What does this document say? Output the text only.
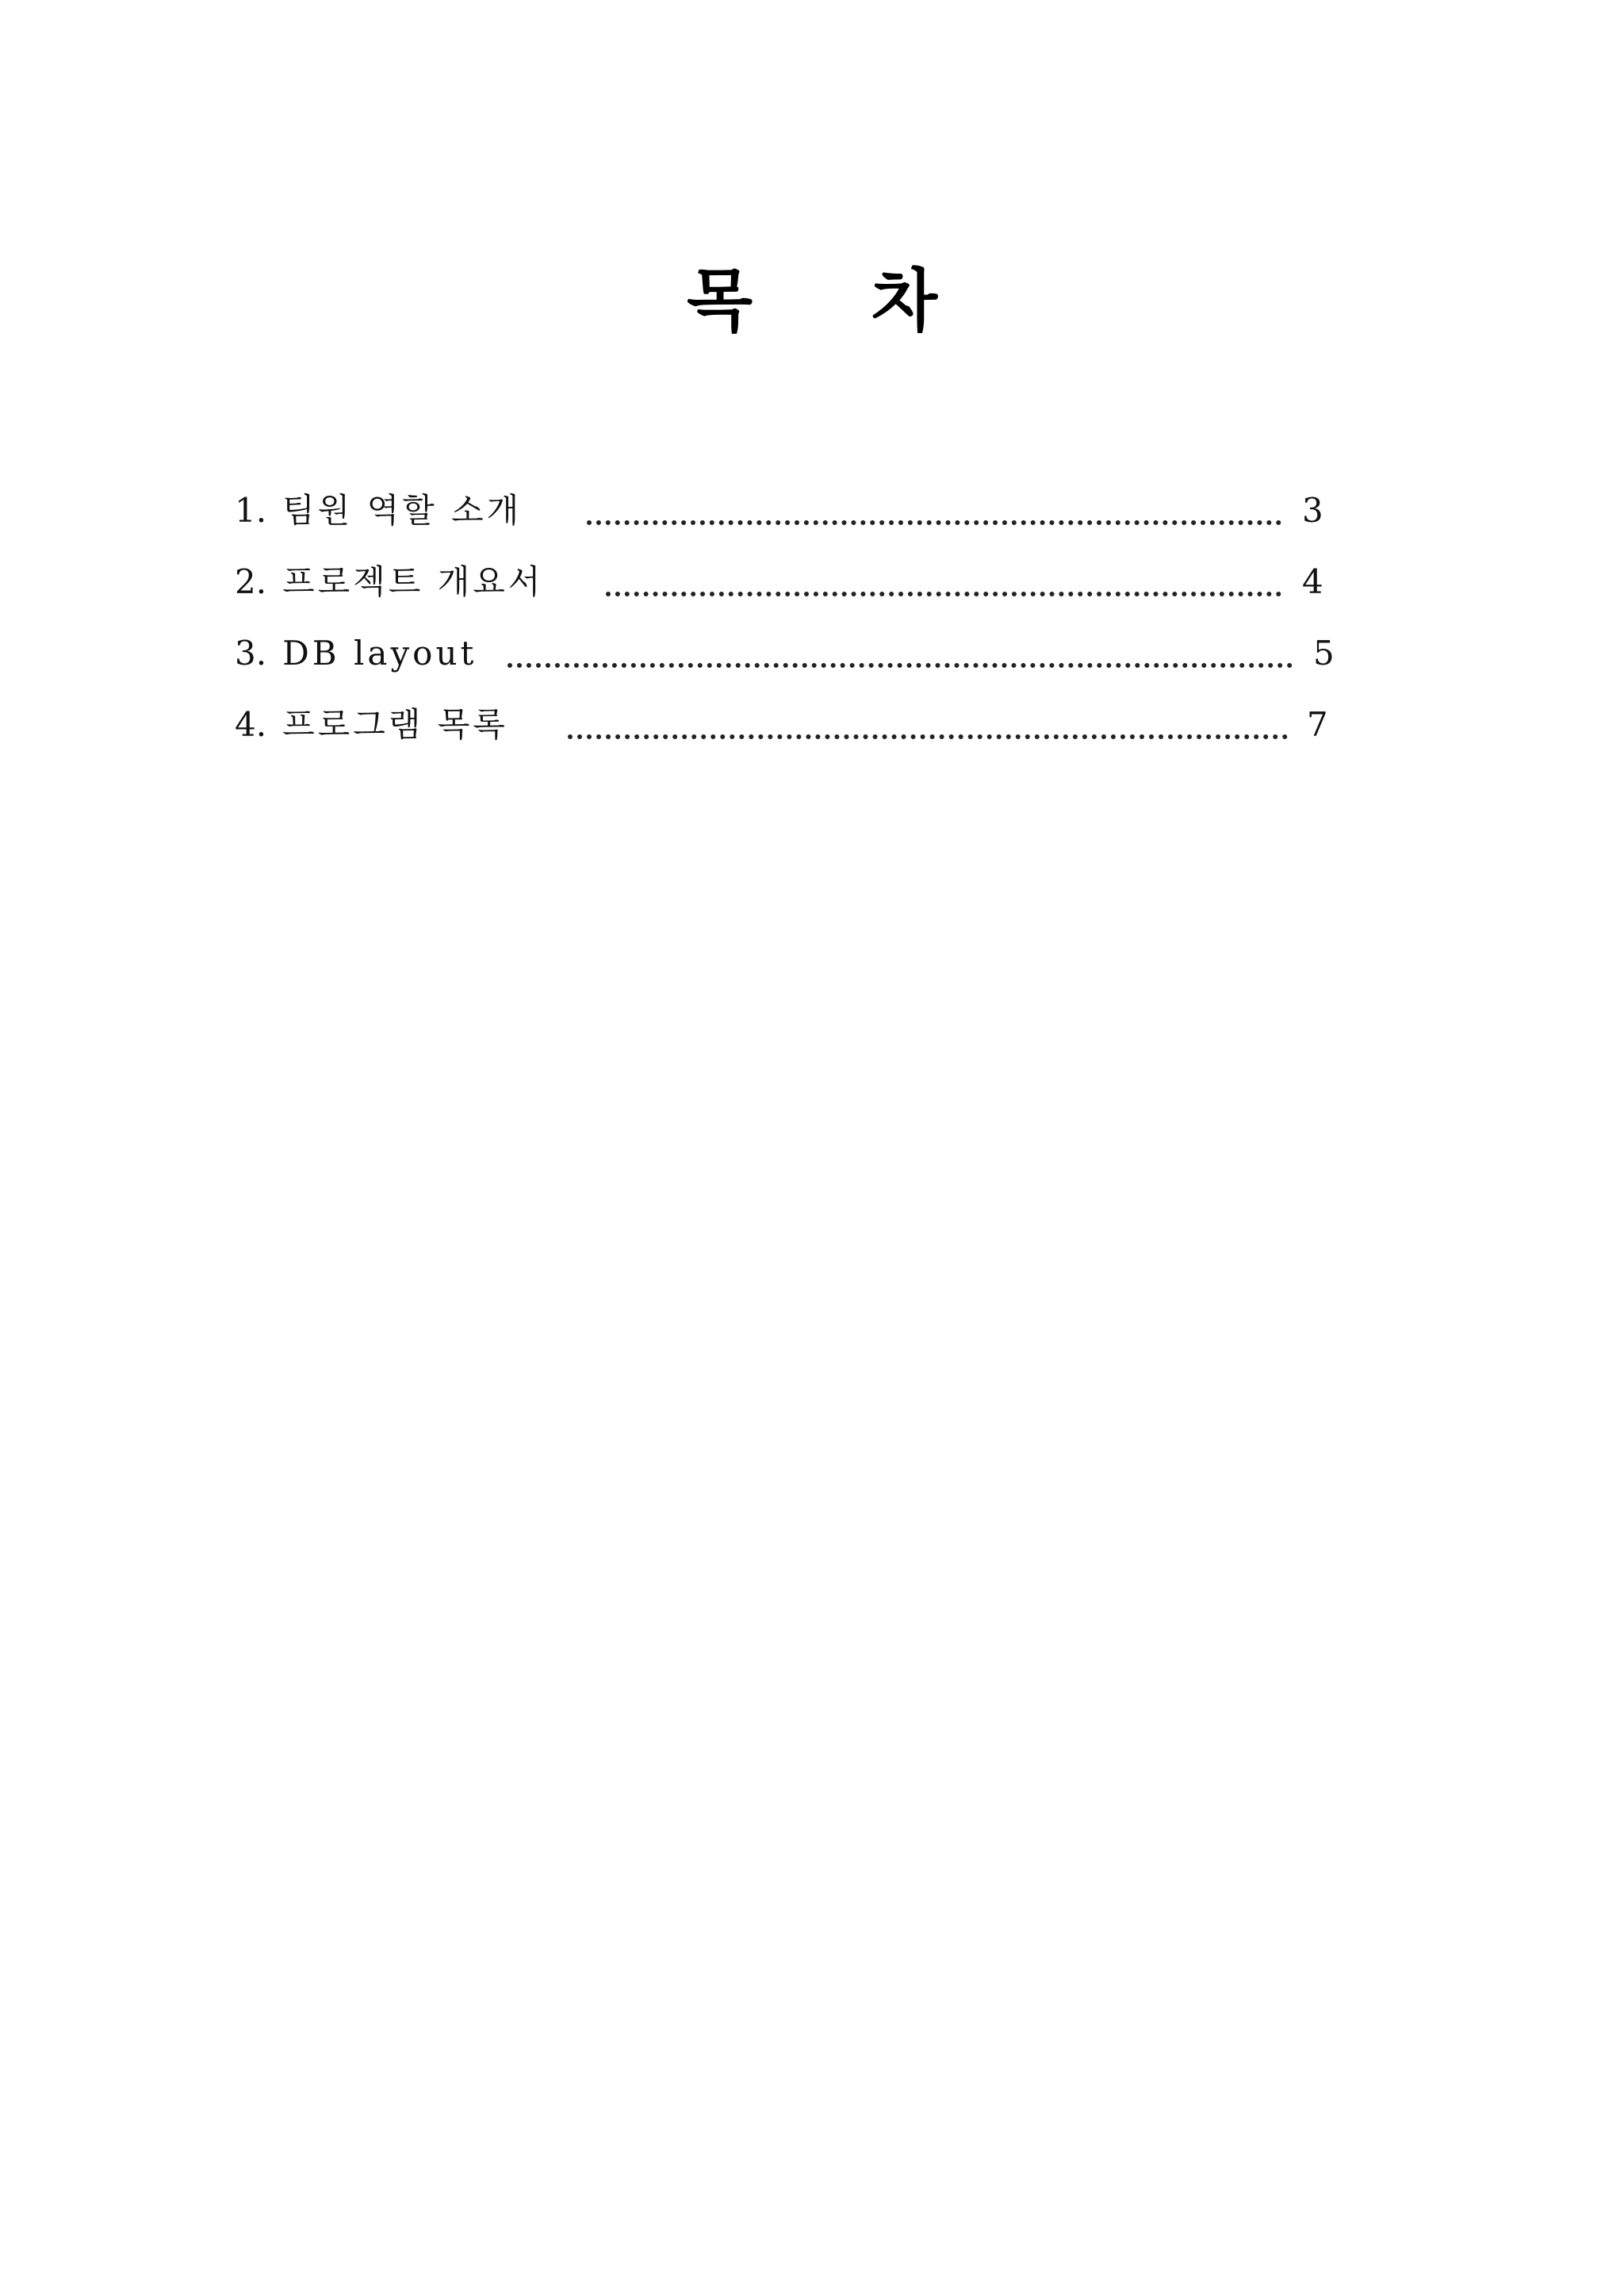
목 차
1. 팀원 역할 소개	3
2. 프로젝트 개요서	4
3. DB layout	5
4. 프로그램 목록	7
